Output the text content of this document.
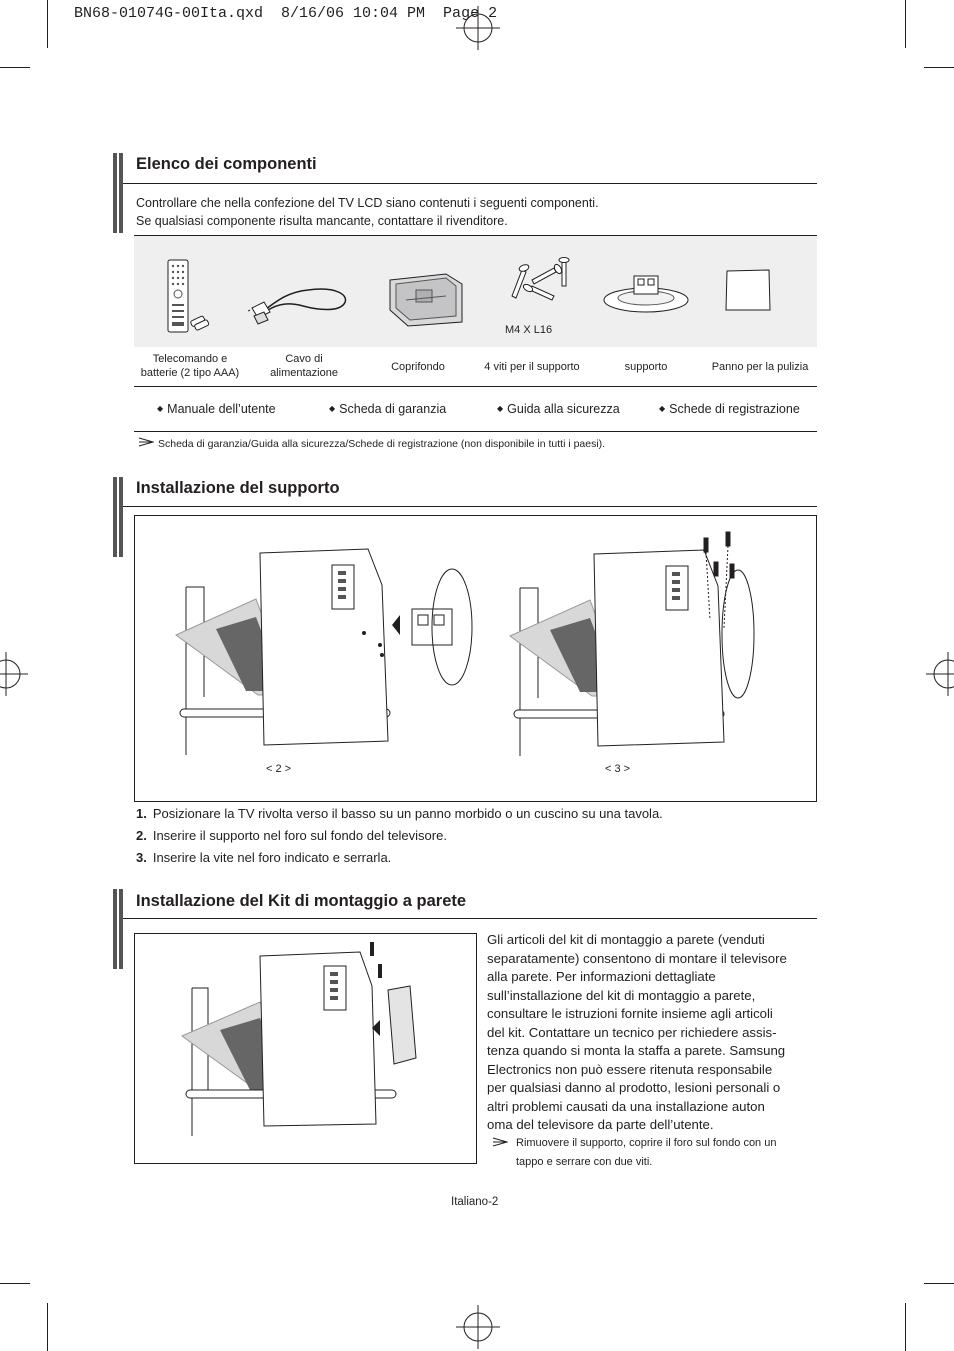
BN68-01074G-00Ita.qxd  8/16/06 10:04 PM  Page 2
Elenco dei componenti
Controllare che nella confezione del TV LCD siano contenuti i seguenti componenti.
Se qualsiasi componente risulta mancante, contattare il rivenditore.
M4 X L16
Telecomando e batterie (2 tipo AAA)
Cavo di alimentazione	Coprifondo	4 viti per il supporto	supporto	Panno per la pulizia
◆ Manuale dell’utente	◆ Scheda di garanzia	◆ Guida alla sicurezza	◆ Schede di registrazione
Scheda di garanzia/Guida alla sicurezza/Schede di registrazione (non disponibile in tutti i paesi).
Installazione del supporto
< 2 >	< 3 >
1. Posizionare la TV rivolta verso il basso su un panno morbido o un cuscino su una tavola.
2. Inserire il supporto nel foro sul fondo del televisore.
3. Inserire la vite nel foro indicato e serrarla.
Installazione del Kit di montaggio a parete
Gli articoli del kit di montaggio a parete (venduti
separatamente) consentono di montare il televisore
alla parete. Per informazioni dettagliate
sull’installazione del kit di montaggio a parete,
consultare le istruzioni fornite insieme agli articoli
del kit. Contattare un tecnico per richiedere assis-
tenza quando si monta la staffa a parete. Samsung
Electronics non può essere ritenuta responsabile
per qualsiasi danno al prodotto, lesioni personali o
altri problemi causati da una installazione auton
oma del televisore da parte dell’utente.
Rimuovere il supporto, coprire il foro sul fondo con un
tappo e serrare con due viti.
Italiano-2
